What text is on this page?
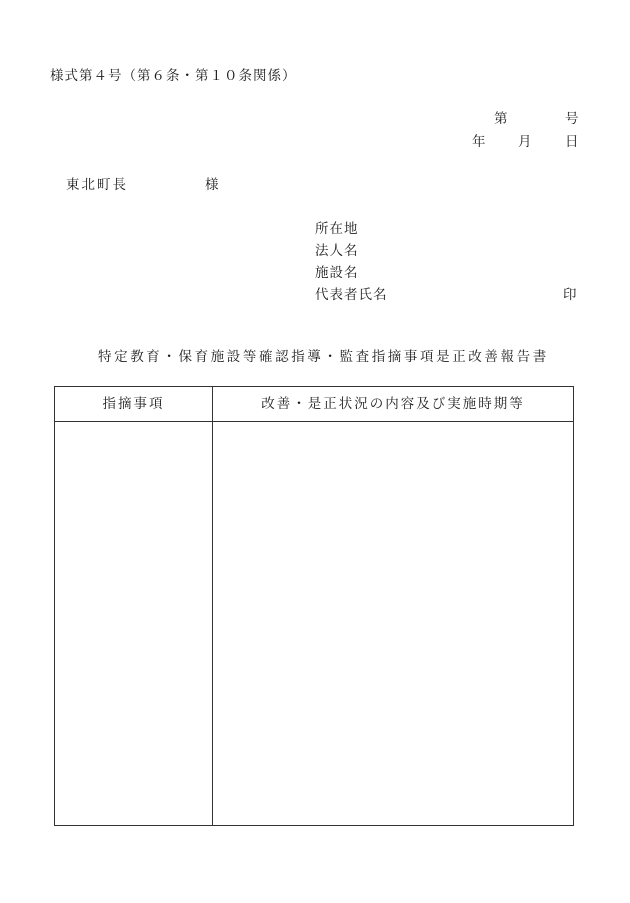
様式第４号（第６条・第１０条関係）
第	号
年 月 日
東北町長	様
所在地
法人名
施設名
代表者氏名	印
特定教育・保育施設等確認指導・監査指摘事項是正改善報告書
指摘事項	改善・是正状況の内容及び実施時期等
